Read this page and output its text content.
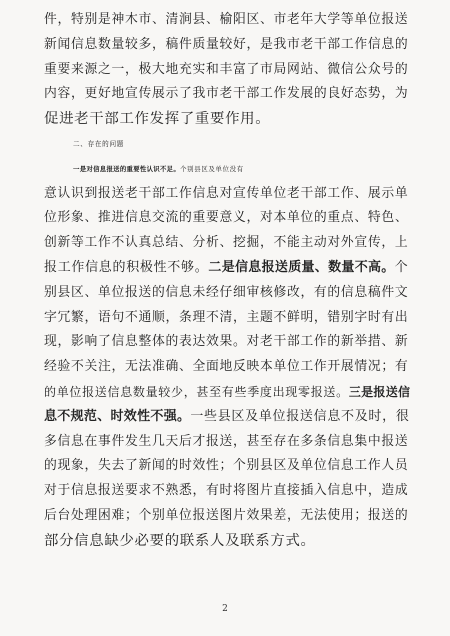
件，特别是神木市、清涧县、榆阳区、市老年大学等单位报送
新闻信息数量较多，稿件质量较好，是我市老干部工作信息的
重要来源之一，极大地充实和丰富了市局网站、微信公众号的
内容，更好地宣传展示了我市老干部工作发展的良好态势，为
促进老干部工作发挥了重要作用。
二、存在的问题
一是对信息报送的重要性认识不足。个别县区及单位没有
意认识到报送老干部工作信息对宣传单位老干部工作、展示单
位形象、推进信息交流的重要意义，对本单位的重点、特色、
创新等工作不认真总结、分析、挖掘，不能主动对外宣传，上
报工作信息的积极性不够。二是信息报送质量、数量不高。个
别县区、单位报送的信息未经仔细审核修改，有的信息稿件文
字冗繁，语句不通顺，条理不清，主题不鲜明，错别字时有出
现，影响了信息整体的表达效果。对老干部工作的新举措、新
经验不关注，无法准确、全面地反映本单位工作开展情况；有
的单位报送信息数量较少，甚至有些季度出现零报送。三是报送信
息不规范、时效性不强。一些县区及单位报送信息不及时，很
多信息在事件发生几天后才报送，甚至存在多条信息集中报送
的现象，失去了新闻的时效性；个别县区及单位信息工作人员
对于信息报送要求不熟悉，有时将图片直接插入信息中，造成
后台处理困难；个别单位报送图片效果差，无法使用；报送的
部分信息缺少必要的联系人及联系方式。
2
